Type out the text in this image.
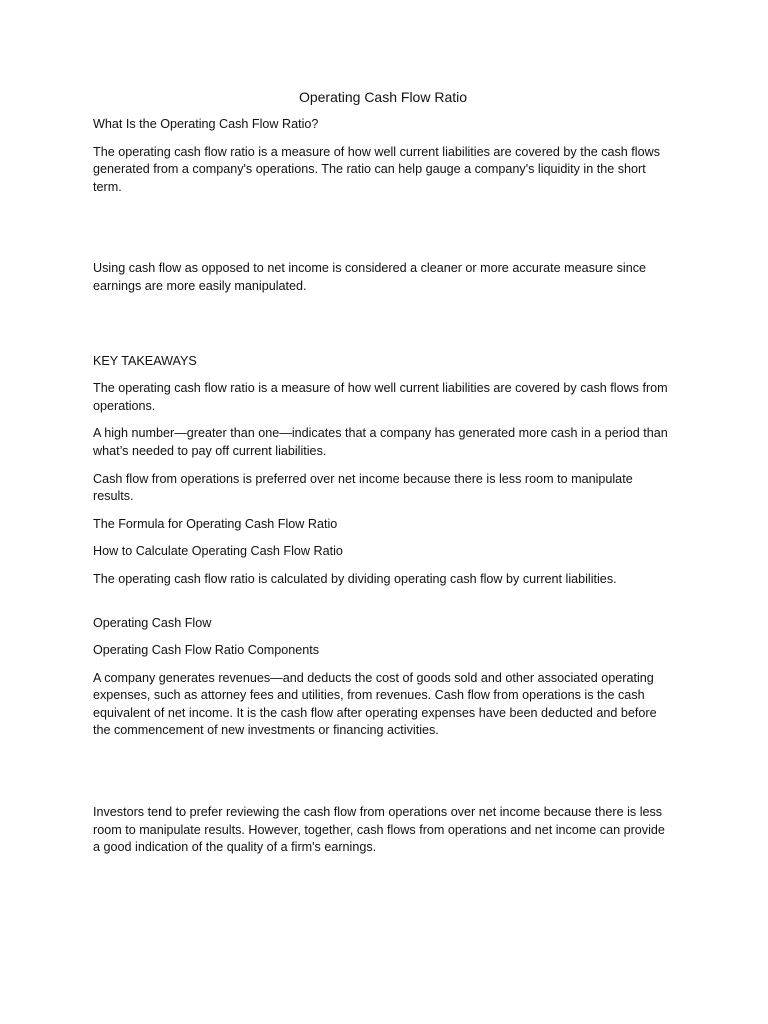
Operating Cash Flow Ratio

What Is the Operating Cash Flow Ratio?

The operating cash flow ratio is a measure of how well current liabilities are covered by the cash flows generated from a company's operations. The ratio can help gauge a company's liquidity in the short term.

Using cash flow as opposed to net income is considered a cleaner or more accurate measure since earnings are more easily manipulated.

KEY TAKEAWAYS

The operating cash flow ratio is a measure of how well current liabilities are covered by cash flows from operations.

A high number—greater than one—indicates that a company has generated more cash in a period than what’s needed to pay off current liabilities.

Cash flow from operations is preferred over net income because there is less room to manipulate results.

The Formula for Operating Cash Flow Ratio

How to Calculate Operating Cash Flow Ratio

The operating cash flow ratio is calculated by dividing operating cash flow by current liabilities.

Operating Cash Flow

Operating Cash Flow Ratio Components

A company generates revenues—and deducts the cost of goods sold and other associated operating expenses, such as attorney fees and utilities, from revenues. Cash flow from operations is the cash equivalent of net income. It is the cash flow after operating expenses have been deducted and before the commencement of new investments or financing activities.

Investors tend to prefer reviewing the cash flow from operations over net income because there is less room to manipulate results. However, together, cash flows from operations and net income can provide a good indication of the quality of a firm's earnings.
